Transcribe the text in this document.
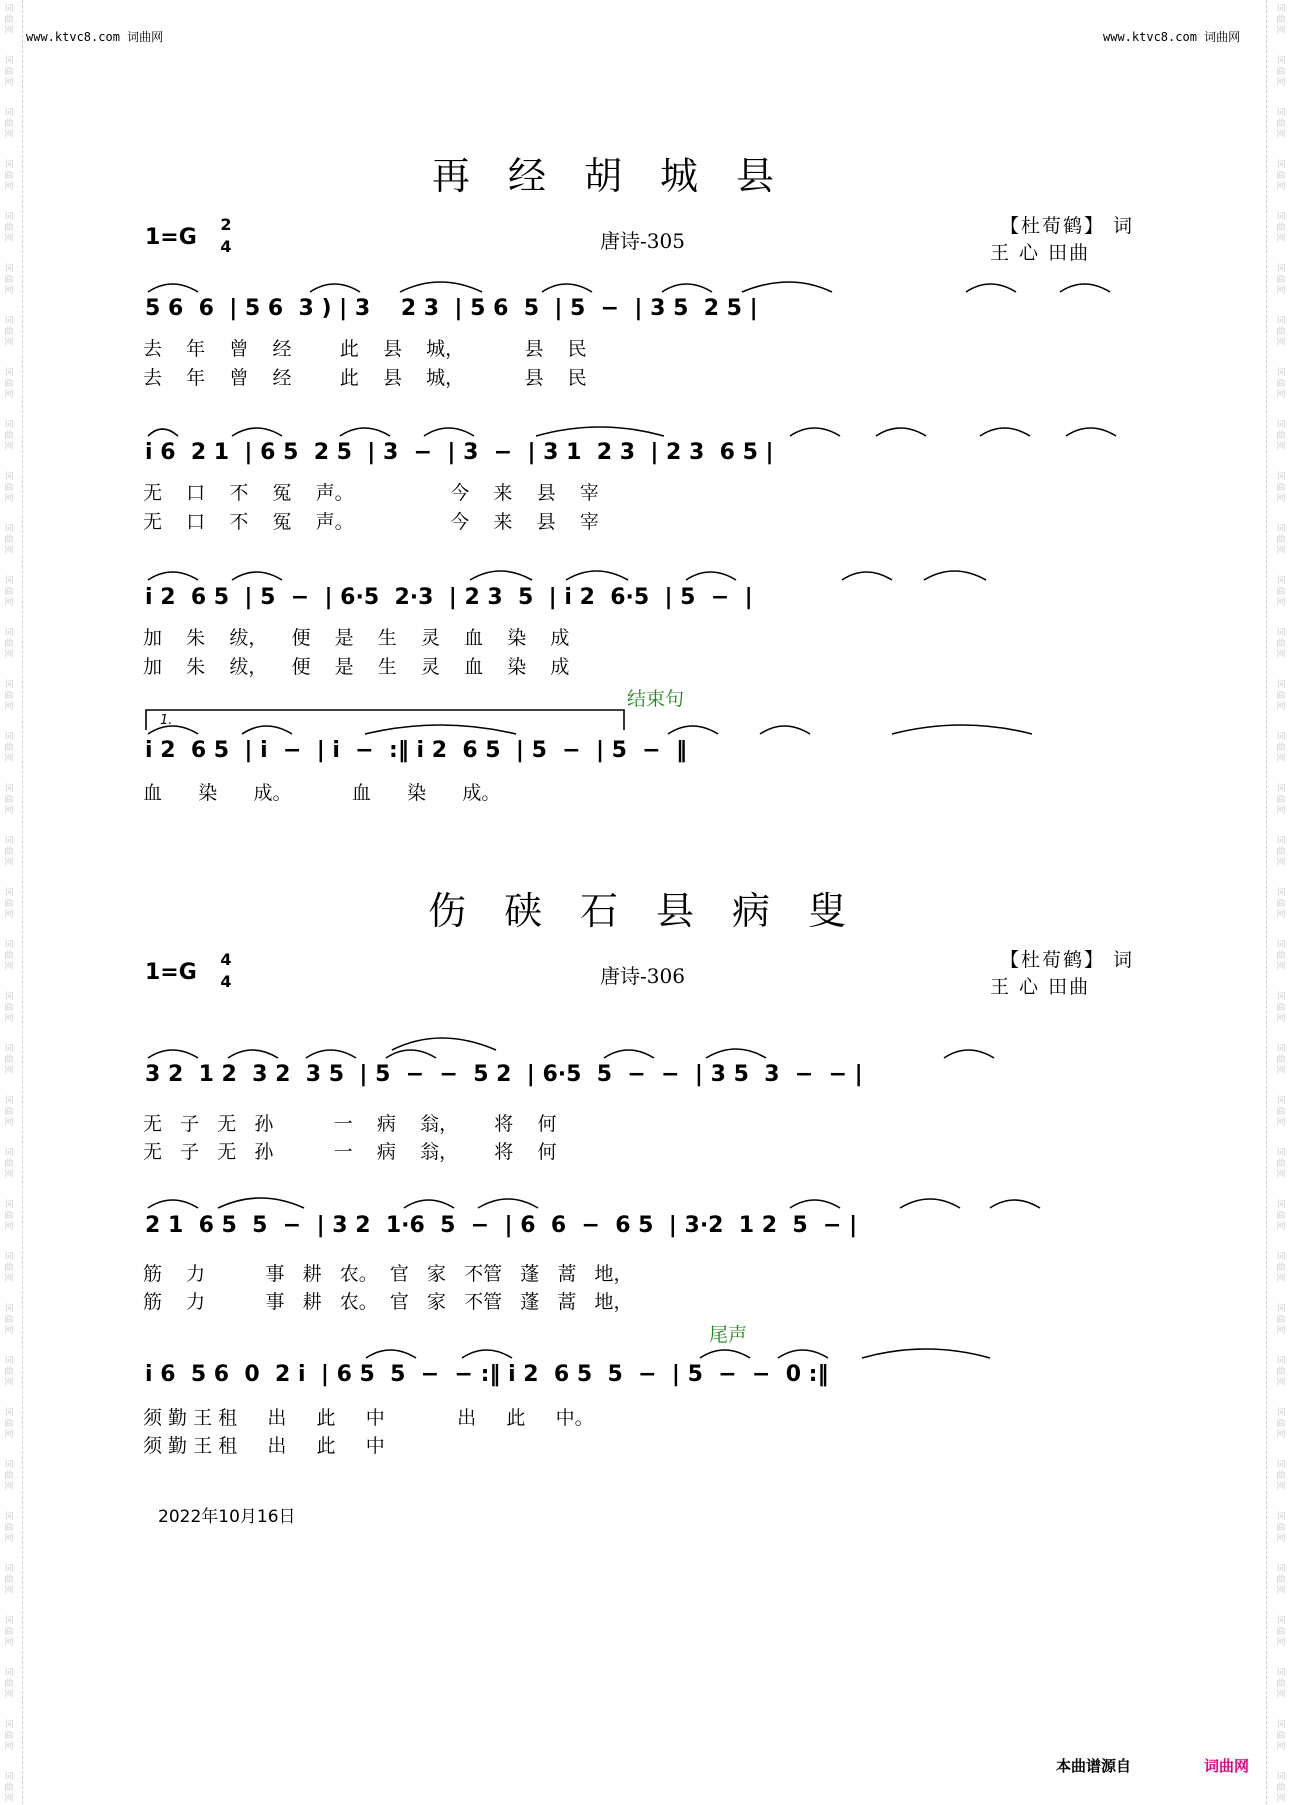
词
曲
网
词
曲
网
词
曲
网
词
曲
网
词
曲
网
词
曲
网
词
曲
网
词
曲
网
词
曲
网
词
曲
网
词
曲
网
词
曲
网
词
曲
网
词
曲
网
词
曲
网
词
曲
网
词
曲
网
词
曲
网
词
曲
网
词
曲
网
词
曲
网
词
曲
网
词
曲
网
词
曲
网
词
曲
网
词
曲
网
词
曲
网
词
曲
网
词
曲
网
词
曲
网
词
曲
网
词
曲
网
词
曲
网
词
曲
网
词
曲
网
词
曲
网
词
曲
网
词
曲
网
词
曲
网
词
曲
网
词
曲
网
词
曲
网
词
曲
网
词
曲
网
词
曲
网
词
曲
网
词
曲
网
词
曲
网
词
曲
网
词
曲
网
词
曲
网
词
曲
网
词
曲
网
词
曲
网
词
曲
网
词
曲
网
词
曲
网
词
曲
网
词
曲
网
词
曲
网
词
曲
网
词
曲
网
词
曲
网
词
曲
网
词
曲
网
词
曲
网
词
曲
网
词
曲
网
词
曲
网
词
曲
网
www.ktvc8.com 词曲网	www.ktvc8.com 词曲网
再经胡城县
1=G
2
4	唐诗-305
【杜荀鹤】 词
王 心 田曲
5 6  6  | 5 6  3 ) | 3    2 3  | 5 6  5  | 5  −  | 3 5  2 5 |
去    年    曾    经        此    县    城，          县    民
去    年    曾    经        此    县    城，          县    民
i 6  2 1  | 6 5  2 5  | 3  −  | 3  −  | 3 1  2 3  | 2 3  6 5 |
无    口    不    冤    声。                今    来    县    宰
无    口    不    冤    声。                今    来    县    宰
i 2  6 5  | 5  −  | 6·5  2·3  | 2 3  5  | i 2  6·5  | 5  −  |
加    朱    绂，    便    是    生    灵    血    染    成
加    朱    绂，    便    是    生    灵    血    染    成
结束句
1.
i 2  6 5  | i  −  | i  −  :‖ i 2  6 5  | 5  −  | 5  −  ‖
血      染      成。          血      染      成。
伤硖石县病叟
1=G
4
4	唐诗-306
【杜荀鹤】 词
王 心 田曲
3 2  1 2  3 2  3 5  | 5  −  −  5 2  | 6·5  5  −  −  | 3 5  3  −  − |
无   子   无   孙          一    病    翁，      将    何
无   子   无   孙          一    病    翁，      将    何
2 1  6 5  5  −  | 3 2  1·6  5  −  | 6  6  −  6 5  | 3·2  1 2  5  − |
筋    力          事   耕   农。  官   家   不管   蓬   蒿   地，
筋    力          事   耕   农。  官   家   不管   蓬   蒿   地，
尾声
i 6  5 6  0  2 i  | 6 5  5  −  − :‖ i 2  6 5  5  −  | 5  −  −  0 :‖
须 勤 王 租     出     此     中            出     此     中。
须 勤 王 租     出     此     中
2022年10月16日
本曲谱源自	词曲网
